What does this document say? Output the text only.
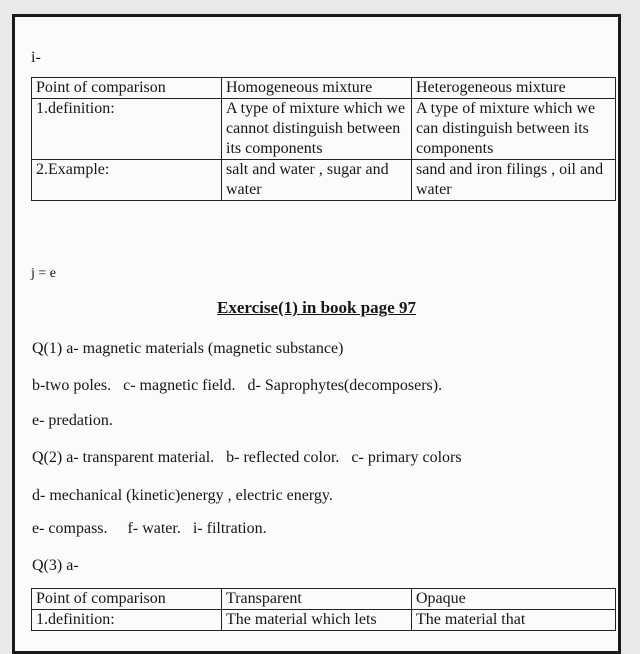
i-
Point of comparison	Homogeneous mixture	Heterogeneous mixture
1.definition:	A type of mixture which we cannot distinguish between its components	A type of mixture which we can distinguish between its components
2.Example:	salt and water , sugar and water	sand and iron filings , oil and water
j = e
Exercise(1) in book page 97
Q(1) a- magnetic materials (magnetic substance)
b-two poles.   c- magnetic field.   d- Saprophytes(decomposers).
e- predation.
Q(2) a- transparent material.   b- reflected color.   c- primary colors
d- mechanical (kinetic)energy , electric energy.
e- compass.     f- water.   i- filtration.
Q(3) a-
Point of comparison	Transparent	Opaque
1.definition:	The material which lets	The material that
